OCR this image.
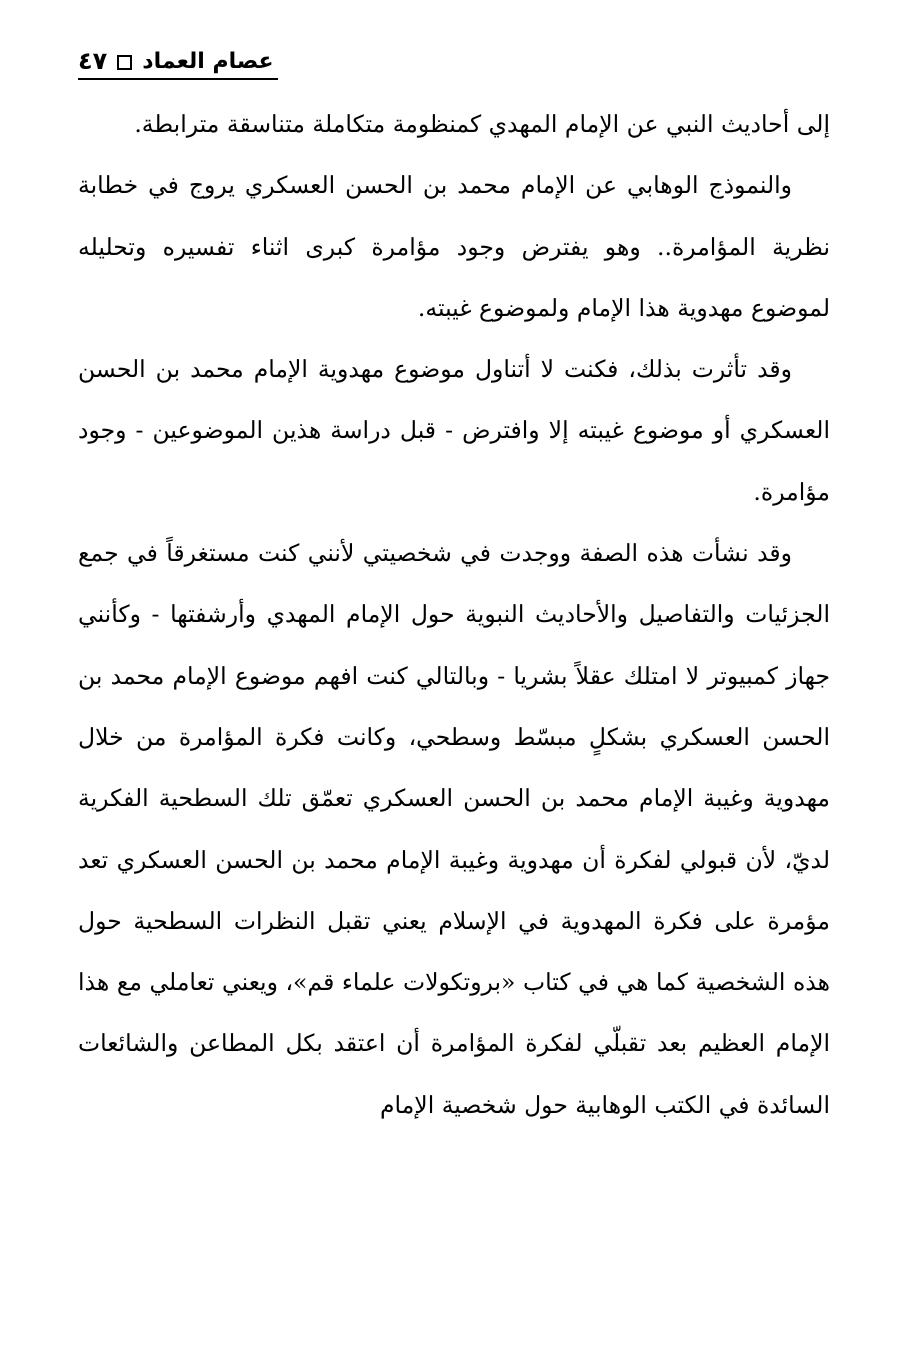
٤٧ عصام العماد

إلى أحاديث النبي عن الإمام المهدي كمنظومة متكاملة متناسقة مترابطة.

والنموذج الوهابي عن الإمام محمد بن الحسن العسكري يروج في خطابة نظرية المؤامرة.. وهو يفترض وجود مؤامرة كبرى اثناء تفسيره وتحليله لموضوع مهدوية هذا الإمام ولموضوع غيبته.

وقد تأثرت بذلك، فكنت لا أتناول موضوع مهدوية الإمام محمد بن الحسن العسكري أو موضوع غيبته إلا وافترض - قبل دراسة هذين الموضوعين - وجود مؤامرة.

وقد نشأت هذه الصفة ووجدت في شخصيتي لأنني كنت مستغرقاً في جمع الجزئيات والتفاصيل والأحاديث النبوية حول الإمام المهدي وأرشفتها - وكأنني جهاز كمبيوتر لا امتلك عقلاً بشريا - وبالتالي كنت افهم موضوع الإمام محمد بن الحسن العسكري بشكلٍ مبسّط وسطحي، وكانت فكرة المؤامرة من خلال مهدوية وغيبة الإمام محمد بن الحسن العسكري تعمّق تلك السطحية الفكرية لديّ، لأن قبولي لفكرة أن مهدوية وغيبة الإمام محمد بن الحسن العسكري تعد مؤمرة على فكرة المهدوية في الإسلام يعني تقبل النظرات السطحية حول هذه الشخصية كما هي في كتاب «بروتكولات علماء قم»، ويعني تعاملي مع هذا الإمام العظيم بعد تقبلّي لفكرة المؤامرة أن اعتقد بكل المطاعن والشائعات السائدة في الكتب الوهابية حول شخصية الإمام
